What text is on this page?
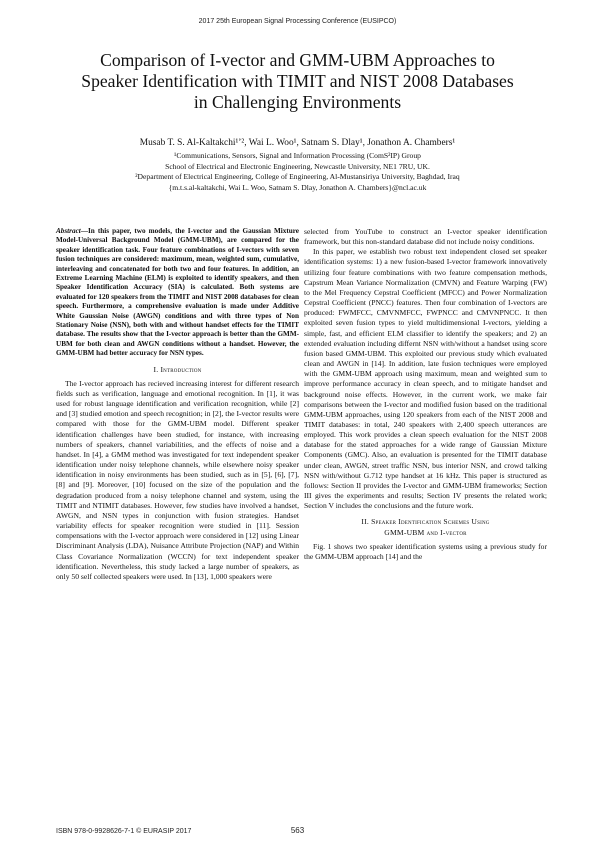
2017 25th European Signal Processing Conference (EUSIPCO)
Comparison of I-vector and GMM-UBM Approaches to
Speaker Identification with TIMIT and NIST 2008 Databases
in Challenging Environments
Musab T. S. Al-Kaltakchi¹ʼ², Wai L. Woo¹, Satnam S. Dlay¹, Jonathon A. Chambers¹
¹Communications, Sensors, Signal and Information Processing (ComS²IP) Group
School of Electrical and Electronic Engineering, Newcastle University, NE1 7RU, UK.
²Department of Electrical Engineering, College of Engineering, Al-Mustansiriya University, Baghdad, Iraq
{m.t.s.al-kaltakchi, Wai L. Woo, Satnam S. Dlay, Jonathon A. Chambers}@ncl.ac.uk
Abstract—In this paper, two models, the I-vector and the Gaussian Mixture Model-Universal Background Model (GMM-UBM), are compared for the speaker identification task. Four feature combinations of I-vectors with seven fusion techniques are considered: maximum, mean, weighted sum, cumulative, interleaving and concatenated for both two and four features. In addition, an Extreme Learning Machine (ELM) is exploited to identify speakers, and then Speaker Identification Accuracy (SIA) is calculated. Both systems are evaluated for 120 speakers from the TIMIT and NIST 2008 databases for clean speech. Furthermore, a comprehensive evaluation is made under Additive White Gaussian Noise (AWGN) conditions and with three types of Non Stationary Noise (NSN), both with and without handset effects for the TIMIT database. The results show that the I-vector approach is better than the GMM-UBM for both clean and AWGN conditions without a handset. However, the GMM-UBM had better accuracy for NSN types.
I. Introduction

The I-vector approach has recieved increasing interest for different research fields such as verification, language and emotional recognition. In [1], it was used for robust language identification and verification recognition, while [2] and [3] studied emotion and speech recognition; in [2], the I-vector results were compared with those for the GMM-UBM model. Different speaker identification challenges have been studied, for instance, with increasing numbers of speakers, channel variabilities, and the effects of noise and a handset. In [4], a GMM method was investigated for text independent speaker identification under noisy telephone channels, while elsewhere noisy speaker identification in noisy environments has been studied, such as in [5], [6], [7], [8] and [9]. Moreover, [10] focused on the size of the population and the degradation produced from a noisy telephone channel and system, using the TIMIT and NTIMIT databases. However, few studies have involved a handset, AWGN, and NSN types in conjunction with fusion strategies. Handset variability effects for speaker recognition were studied in [11]. Session compensations with the I-vector approach were considered in [12] using Linear Discriminant Analysis (LDA), Nuisance Attribute Projection (NAP) and Within Class Covariance Normalization (WCCN) for text independent speaker identification. Nevertheless, this study lacked a large number of speakers, as only 50 self collected speakers were used. In [13], 1,000 speakers were

selected from YouTube to construct an I-vector speaker identification framework, but this non-standard database did not include noisy conditions.

In this paper, we establish two robust text independent closed set speaker identification systems: 1) a new fusion-based I-vector framework innovatively utilizing four feature combinations with two feature compensation methods, Capstrum Mean Variance Normalization (CMVN) and Feature Warping (FW) to the Mel Frequency Cepstral Coefficient (MFCC) and Power Normalization Cepstral Coefficient (PNCC) features. Then four combination of I-vectors are produced: FWMFCC, CMVNMFCC, FWPNCC and CMVNPNCC. It then exploited seven fusion types to yield multidimensional I-vectors, yielding a simple, fast, and efficient ELM classifier to identify the speakers; and 2) an extended evaluation including differnt NSN with/without a handset using score fusion based GMM-UBM. This exploited our previous study which evaluated clean and AWGN in [14]. In addition, late fusion techniques were employed with the GMM-UBM approach using maximum, mean and weighted sum to improve performance accuracy in clean speech, and to mitigate handset and background noise effects. However, in the current work, we make fair comparisons between the I-vector and modified fusion based on the traditional GMM-UBM approaches, using 120 speakers from each of the NIST 2008 and TIMIT databases: in total, 240 speakers with 2,400 speech utterances are employed. This work provides a clean speech evaluation for the NIST 2008 database for the stated approaches for a wide range of Gaussian Mixture Components (GMC). Also, an evaluation is presented for the TIMIT database under clean, AWGN, street traffic NSN, bus interior NSN, and crowd talking NSN with/without G.712 type handset at 16 kHz. This paper is structured as follows: Section II provides the I-vector and GMM-UBM frameworks; Section III gives the experiments and results; Section IV presents the related work; Section V includes the conclusions and the future work.

II. Speaker Identification Schemes Using
GMM-UBM and I-vector

Fig. 1 shows two speaker identification systems using a previous study for the GMM-UBM approach [14] and the

ISBN 978-0-9928626-7-1 © EURASIP 2017	563
